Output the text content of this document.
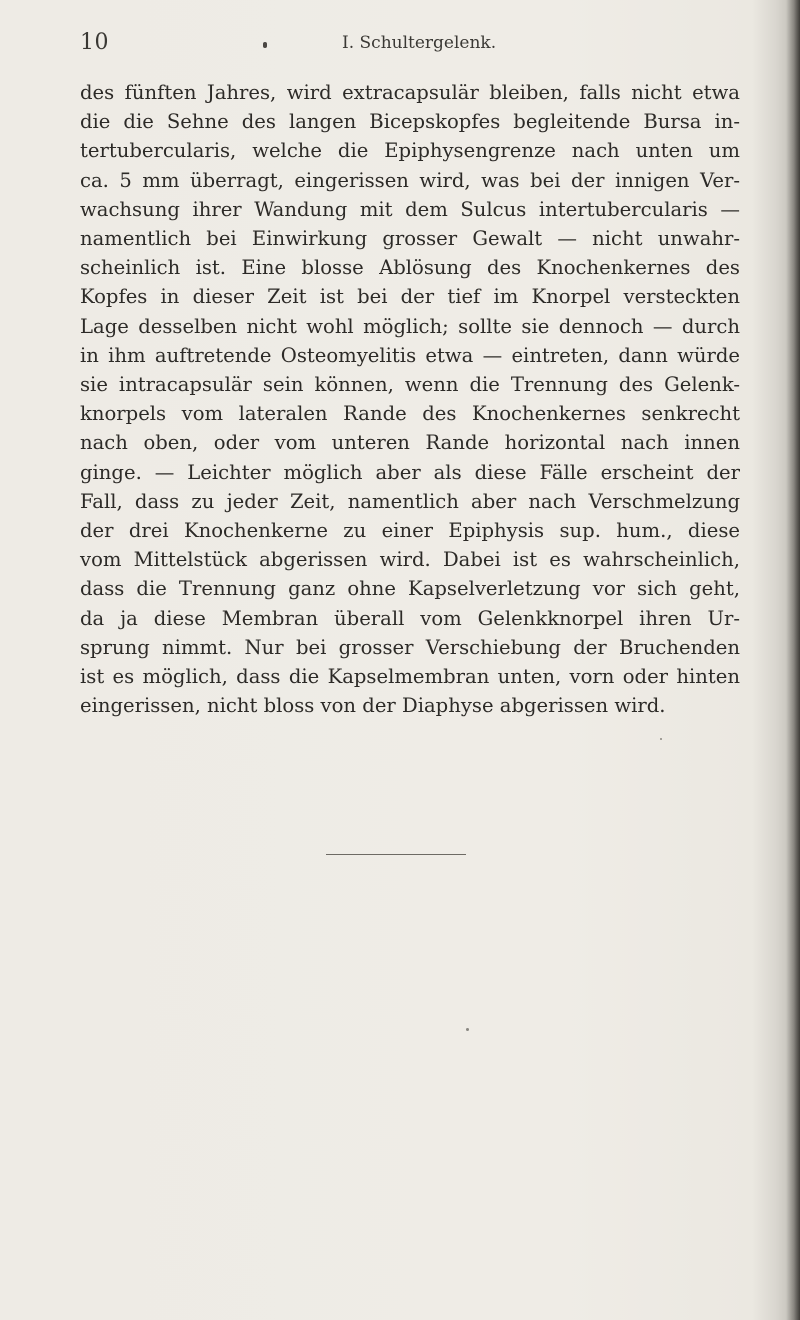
10	I. Schultergelenk.
des fünften Jahres, wird extracapsulär bleiben, falls nicht etwa
die die Sehne des langen Bicepskopfes begleitende Bursa in-
tertubercularis, welche die Epiphysengrenze nach unten um
ca. 5 mm überragt, eingerissen wird, was bei der innigen Ver-
wachsung ihrer Wandung mit dem Sulcus intertubercularis —
namentlich bei Einwirkung grosser Gewalt — nicht unwahr-
scheinlich ist. Eine blosse Ablösung des Knochenkernes des
Kopfes in dieser Zeit ist bei der tief im Knorpel versteckten
Lage desselben nicht wohl möglich; sollte sie dennoch — durch
in ihm auftretende Osteomyelitis etwa — eintreten, dann würde
sie intracapsulär sein können, wenn die Trennung des Gelenk-
knorpels vom lateralen Rande des Knochenkernes senkrecht
nach oben, oder vom unteren Rande horizontal nach innen
ginge. — Leichter möglich aber als diese Fälle erscheint der
Fall, dass zu jeder Zeit, namentlich aber nach Verschmelzung
der drei Knochenkerne zu einer Epiphysis sup. hum., diese
vom Mittelstück abgerissen wird. Dabei ist es wahrscheinlich,
dass die Trennung ganz ohne Kapselverletzung vor sich geht,
da ja diese Membran überall vom Gelenkknorpel ihren Ur-
sprung nimmt. Nur bei grosser Verschiebung der Bruchenden
ist es möglich, dass die Kapselmembran unten, vorn oder hinten
eingerissen, nicht bloss von der Diaphyse abgerissen wird.
